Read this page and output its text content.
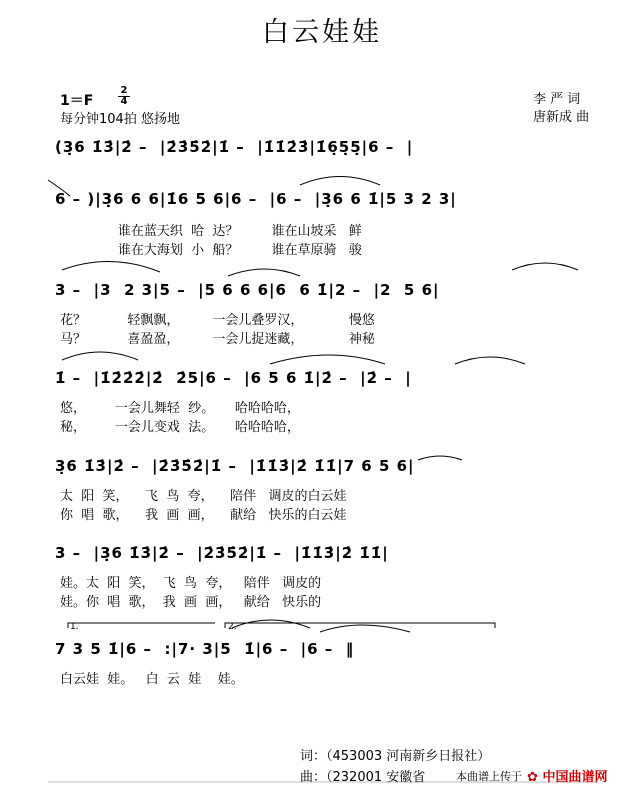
白云娃娃
1＝F
2
4
每分钟104拍 悠扬地
李 严 词
唐新成 曲
(3̣6 1̇3̇|2̇ –  |2̇3̇5̇2̇|1̇ –  |1̇1̇2̇3̇|1̇6̣5̣5̣|6 –  |
6 – )|3̣6 6 6|1̇6 5 6|6 –  |6 –  |3̣6 6 1̇|5 3 2 3|
谁在蓝天织  哈  达？        谁在山坡采   鲜
谁在大海划  小  船？        谁在草原骑   骏
3 –  |3  2 3|5 –  |5 6 6 6|6  6 1̇|2 –  |2  5 6|
花？          轻飘飘，        一会儿叠罗汉，           慢悠
马？          喜盈盈，        一会儿捉迷藏，           神秘
1̇ –  |1̇2̇2̇2̇|2̇  2̇5|6 –  |6 5 6 1̇|2̇ –  |2̇ –  |
悠，       一会儿舞轻  纱。     哈哈哈哈，
秘，       一会儿变戏  法。     哈哈哈哈，
3̣6 1̇3̇|2̇ –  |2̇3̇5̇2̇|1̇ –  |1̇1̇3̇|2̇ 1̇1̇|7 6 5 6|
太  阳  笑，    飞  鸟  夸，    陪伴   调皮的白云娃
你  唱  歌，    我  画  画，    献给   快乐的白云娃
3 –  |3̣6 1̇3̇|2̇ –  |2̇3̇5̇2̇|1̇ –  |1̇1̇3̇|2̇ 1̇1̇|
娃。太  阳  笑，  飞  鸟  夸，   陪伴   调皮的
娃。你  唱  歌，  我  画  画，   献给   快乐的
7 3 5 1̇|6 –  :|7· 3|5  1̇|6 –  |6 –  ‖
白云娃  娃。   白  云  娃    娃。
1.	2.
词：（453003 河南新乡日报社）
曲：（232001 安徽省	本曲谱上传于 ✿ 中国曲谱网
